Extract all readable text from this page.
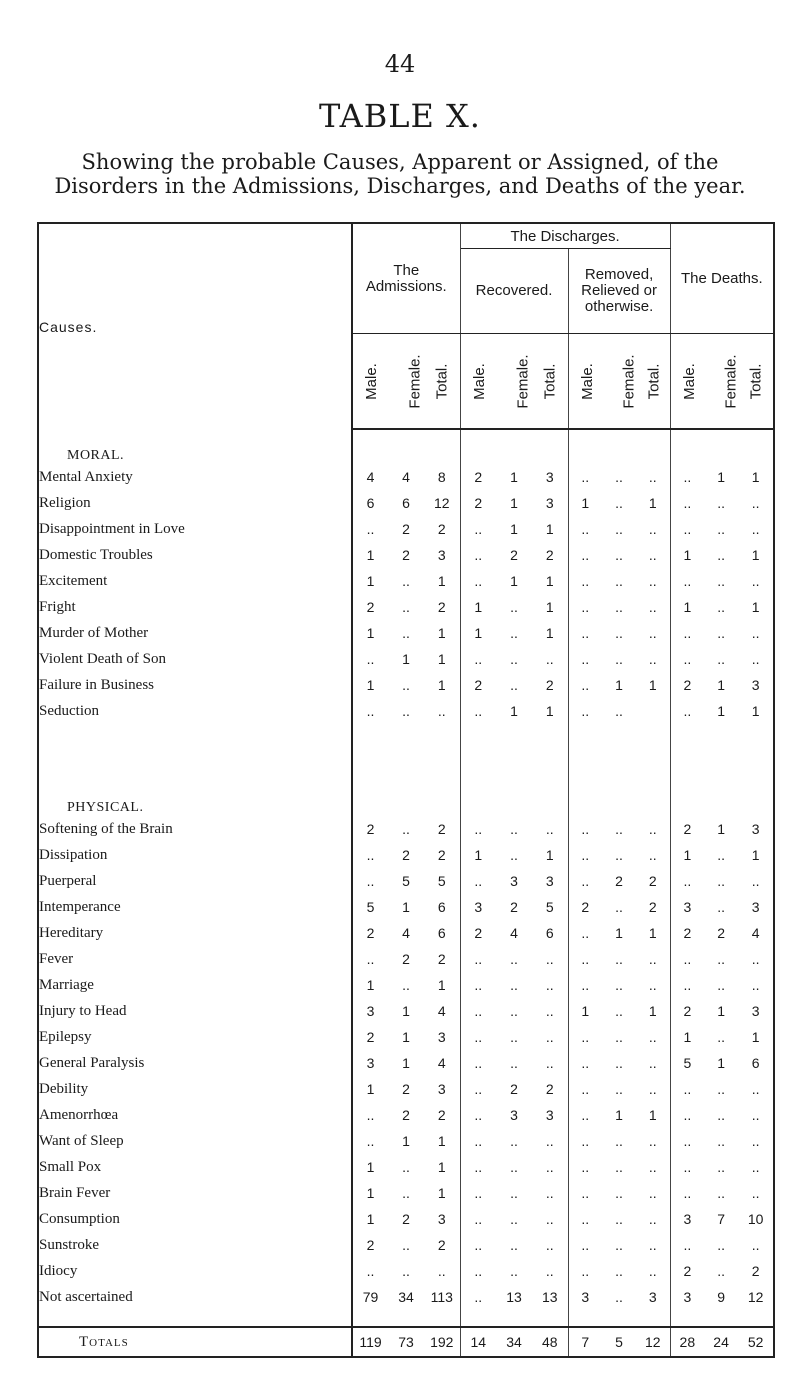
44
TABLE X.
Showing the probable Causes, Apparent or Assigned, of the Disorders in the Admissions, Discharges, and Deaths of the year.
Causes.	The Admissions.			The Discharges.						The Deaths.		
				Recovered.			Removed, Relieved or otherwise.					
	Male.	Female.	Total.	Male.	Female.	Total.	Male.	Female.	Total.	Male.	Female.	Total.
MORAL.												
Mental Anxiety	4	4	8	2	1	3	..	..	..	..	1	1
Religion	6	6	12	2	1	3	1	..	1	..	..	..
Disappointment in Love	..	2	2	..	1	1	..	..	..	..	..	..
Domestic Troubles	1	2	3	..	2	2	..	..	..	1	..	1
Excitement	1	..	1	..	1	1	..	..	..	..	..	..
Fright	2	..	2	1	..	1	..	..	..	1	..	1
Murder of Mother	1	..	1	1	..	1	..	..	..	..	..	..
Violent Death of Son	..	1	1	..	..	..	..	..	..	..	..	..
Failure in Business	1	..	1	2	..	2	..	1	1	2	1	3
Seduction	..	..	..	..	1	1	..	..		..	1	1

PHYSICAL.												
Softening of the Brain	2	..	2	..	..	..	..	..	..	2	1	3
Dissipation	..	2	2	1	..	1	..	..	..	1	..	1
Puerperal	..	5	5	..	3	3	..	2	2	..	..	..
Intemperance	5	1	6	3	2	5	2	..	2	3	..	3
Hereditary	2	4	6	2	4	6	..	1	1	2	2	4
Fever	..	2	2	..	..	..	..	..	..	..	..	..
Marriage	1	..	1	..	..	..	..	..	..	..	..	..
Injury to Head	3	1	4	..	..	..	1	..	1	2	1	3
Epilepsy	2	1	3	..	..	..	..	..	..	1	..	1
General Paralysis	3	1	4	..	..	..	..	..	..	5	1	6
Debility	1	2	3	..	2	2	..	..	..	..	..	..
Amenorrhœa	..	2	2	..	3	3	..	1	1	..	..	..
Want of Sleep	..	1	1	..	..	..	..	..	..	..	..	..
Small Pox	1	..	1	..	..	..	..	..	..	..	..	..
Brain Fever	1	..	1	..	..	..	..	..	..	..	..	..
Consumption	1	2	3	..	..	..	..	..	..	3	7	10
Sunstroke	2	..	2	..	..	..	..	..	..	..	..	..
Idiocy	..	..	..	..	..	..	..	..	..	2	..	2
Not ascertained	79	34	113	..	13	13	3	..	3	3	9	12

Totals	119	73	192	14	34	48	7	5	12	28	24	52
